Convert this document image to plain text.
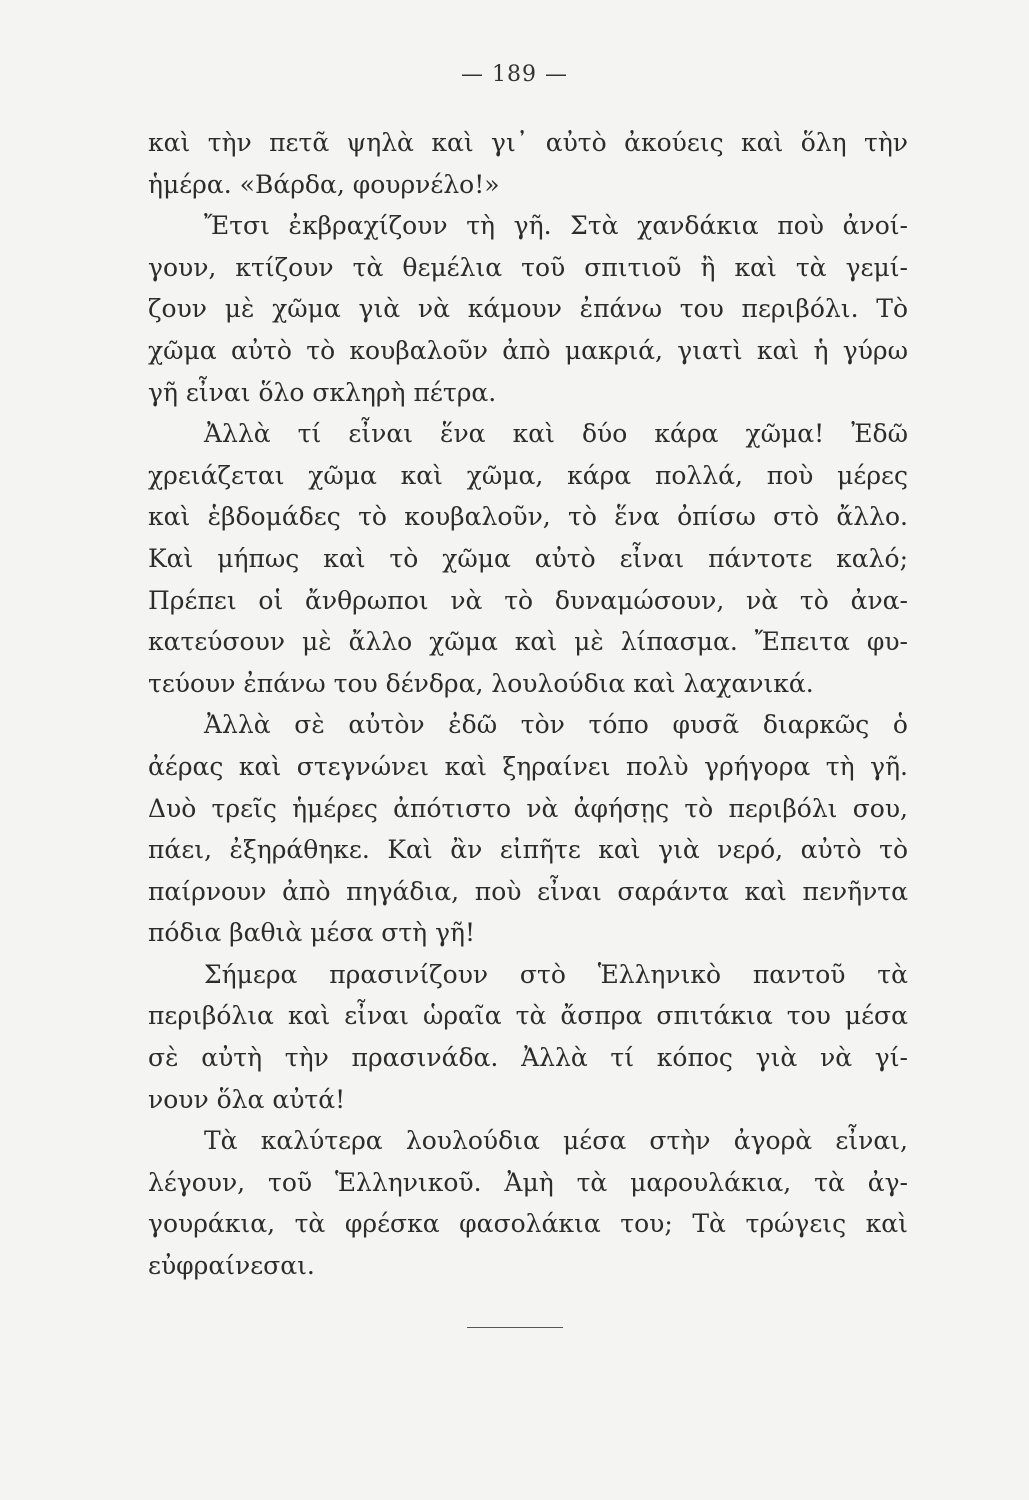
— 189 —
καὶ τὴν πετᾶ ψηλὰ καὶ γι᾽ αὐτὸ ἀκούεις καὶ ὅλη τὴν
ἡμέρα. «Βάρδα, φουρνέλο!»
Ἔτσι ἐκβραχίζουν τὴ γῆ. Στὰ χανδάκια ποὺ ἀνοί-
γουν, κτίζουν τὰ θεμέλια τοῦ σπιτιοῦ ἢ καὶ τὰ γεμί-
ζουν μὲ χῶμα γιὰ νὰ κάμουν ἐπάνω του περιβόλι. Τὸ
χῶμα αὐτὸ τὸ κουβαλοῦν ἀπὸ μακριά, γιατὶ καὶ ἡ γύρω
γῆ εἶναι ὅλο σκληρὴ πέτρα.
Ἀλλὰ τί εἶναι ἕνα καὶ δύο κάρα χῶμα! Ἐδῶ
χρειάζεται χῶμα καὶ χῶμα, κάρα πολλά, ποὺ μέρες
καὶ ἑβδομάδες τὸ κουβαλοῦν, τὸ ἕνα ὀπίσω στὸ ἄλλο.
Καὶ μήπως καὶ τὸ χῶμα αὐτὸ εἶναι πάντοτε καλό;
Πρέπει οἱ ἄνθρωποι νὰ τὸ δυναμώσουν, νὰ τὸ ἀνα-
κατεύσουν μὲ ἄλλο χῶμα καὶ μὲ λίπασμα. Ἔπειτα φυ-
τεύουν ἐπάνω του δένδρα, λουλούδια καὶ λαχανικά.
Ἀλλὰ σὲ αὐτὸν ἐδῶ τὸν τόπο φυσᾶ διαρκῶς ὁ
ἀέρας καὶ στεγνώνει καὶ ξηραίνει πολὺ γρήγορα τὴ γῆ.
Δυὸ τρεῖς ἡμέρες ἀπότιστο νὰ ἀφήσῃς τὸ περιβόλι σου,
πάει, ἐξηράθηκε. Καὶ ἂν εἰπῆτε καὶ γιὰ νερό, αὐτὸ τὸ
παίρνουν ἀπὸ πηγάδια, ποὺ εἶναι σαράντα καὶ πενῆντα
πόδια βαθιὰ μέσα στὴ γῆ!
Σήμερα πρασινίζουν στὸ Ἑλληνικὸ παντοῦ τὰ
περιβόλια καὶ εἶναι ὡραῖα τὰ ἄσπρα σπιτάκια του μέσα
σὲ αὐτὴ τὴν πρασινάδα. Ἀλλὰ τί κόπος γιὰ νὰ γί-
νουν ὅλα αὐτά!
Τὰ καλύτερα λουλούδια μέσα στὴν ἀγορὰ εἶναι,
λέγουν, τοῦ Ἑλληνικοῦ. Ἀμὴ τὰ μαρουλάκια, τὰ ἀγ-
γουράκια, τὰ φρέσκα φασολάκια του; Τὰ τρώγεις καὶ
εὐφραίνεσαι.
